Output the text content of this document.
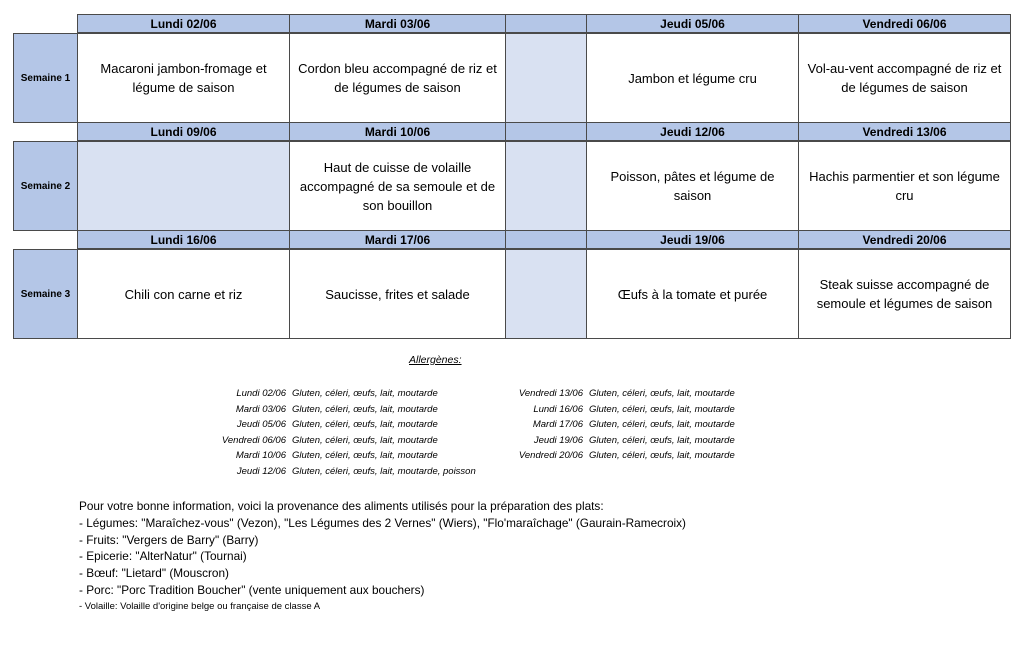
Semaine 1
Lundi 02/06
Macaroni jambon-fromage et légume de saison
Mardi 03/06
Cordon bleu accompagné de riz et de légumes de saison
Jeudi 05/06
Jambon et légume cru
Vendredi 06/06
Vol-au-vent accompagné de riz et de légumes de saison
Semaine 2
Lundi 09/06	Mardi 10/06
Haut de cuisse de volaille accompagné de sa semoule et de son bouillon
Jeudi 12/06
Poisson, pâtes et légume de saison
Vendredi 13/06
Hachis parmentier et son légume cru
Semaine 3
Lundi 16/06
Chili con carne et riz
Mardi 17/06
Saucisse, frites et salade
Jeudi 19/06
Œufs à la tomate et purée
Vendredi 20/06
Steak suisse accompagné de semoule et légumes de saison
Allergènes:
Lundi 02/06 Gluten, céleri, œufs, lait, moutarde
Mardi 03/06 Gluten, céleri, œufs, lait, moutarde
Jeudi 05/06 Gluten, céleri, œufs, lait, moutarde
Vendredi 06/06 Gluten, céleri, œufs, lait, moutarde
Mardi 10/06 Gluten, céleri, œufs, lait, moutarde
Jeudi 12/06 Gluten, céleri, œufs, lait, moutarde, poisson
Vendredi 13/06 Gluten, céleri, œufs, lait, moutarde
Lundi 16/06 Gluten, céleri, œufs, lait, moutarde
Mardi 17/06 Gluten, céleri, œufs, lait, moutarde
Jeudi 19/06 Gluten, céleri, œufs, lait, moutarde
Vendredi 20/06 Gluten, céleri, œufs, lait, moutarde
Pour votre bonne information, voici la provenance des aliments utilisés pour la préparation des plats:
- Légumes: "Maraîchez-vous" (Vezon), "Les Légumes des 2 Vernes" (Wiers), "Flo'maraîchage" (Gaurain-Ramecroix)
- Fruits: "Vergers de Barry" (Barry)
- Epicerie: "AlterNatur" (Tournai)
- Bœuf: "Lietard" (Mouscron)
- Porc: "Porc Tradition Boucher" (vente uniquement aux bouchers)
- Volaille: Volaille d'origine belge ou française de classe A
